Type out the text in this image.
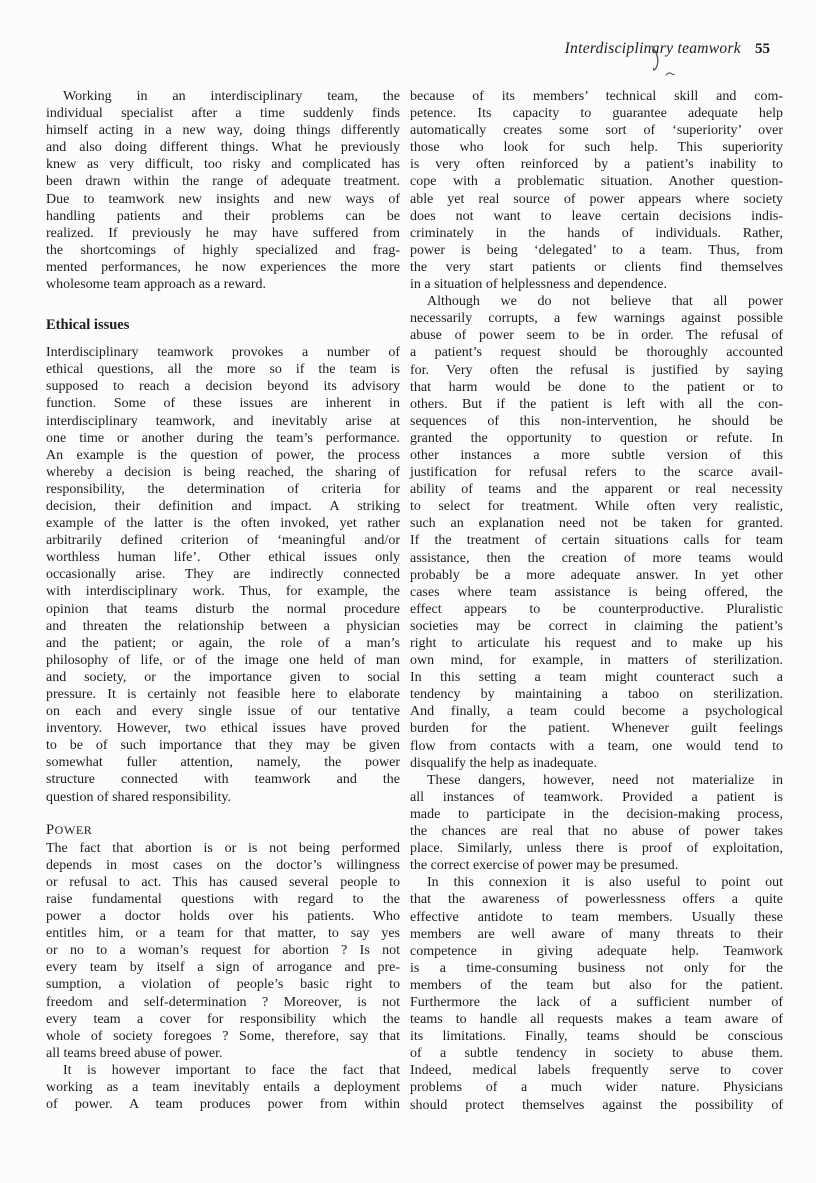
Interdisciplinary teamwork 55
Working in an interdisciplinary team, the
individual specialist after a time suddenly finds
himself acting in a new way, doing things differently
and also doing different things. What he previously
knew as very difficult, too risky and complicated has
been drawn within the range of adequate treatment.
Due to teamwork new insights and new ways of
handling patients and their problems can be
realized. If previously he may have suffered from
the shortcomings of highly specialized and frag-
mented performances, he now experiences the more
wholesome team approach as a reward.
Ethical issues
Interdisciplinary teamwork provokes a number of
ethical questions, all the more so if the team is
supposed to reach a decision beyond its advisory
function. Some of these issues are inherent in
interdisciplinary teamwork, and inevitably arise at
one time or another during the team’s performance.
An example is the question of power, the process
whereby a decision is being reached, the sharing of
responsibility, the determination of criteria for
decision, their definition and impact. A striking
example of the latter is the often invoked, yet rather
arbitrarily defined criterion of ‘meaningful and/or
worthless human life’. Other ethical issues only
occasionally arise. They are indirectly connected
with interdisciplinary work. Thus, for example, the
opinion that teams disturb the normal procedure
and threaten the relationship between a physician
and the patient; or again, the role of a man’s
philosophy of life, or of the image one held of man
and society, or the importance given to social
pressure. It is certainly not feasible here to elaborate
on each and every single issue of our tentative
inventory. However, two ethical issues have proved
to be of such importance that they may be given
somewhat fuller attention, namely, the power
structure connected with teamwork and the
question of shared responsibility.
POWER
The fact that abortion is or is not being performed
depends in most cases on the doctor’s willingness
or refusal to act. This has caused several people to
raise fundamental questions with regard to the
power a doctor holds over his patients. Who
entitles him, or a team for that matter, to say yes
or no to a woman’s request for abortion ? Is not
every team by itself a sign of arrogance and pre-
sumption, a violation of people’s basic right to
freedom and self-determination ? Moreover, is not
every team a cover for responsibility which the
whole of society foregoes ? Some, therefore, say that
all teams breed abuse of power.
It is however important to face the fact that
working as a team inevitably entails a deployment
of power. A team produces power from within
because of its members’ technical skill and com-
petence. Its capacity to guarantee adequate help
automatically creates some sort of ‘superiority’ over
those who look for such help. This superiority
is very often reinforced by a patient’s inability to
cope with a problematic situation. Another question-
able yet real source of power appears where society
does not want to leave certain decisions indis-
criminately in the hands of individuals. Rather,
power is being ‘delegated’ to a team. Thus, from
the very start patients or clients find themselves
in a situation of helplessness and dependence.
Although we do not believe that all power
necessarily corrupts, a few warnings against possible
abuse of power seem to be in order. The refusal of
a patient’s request should be thoroughly accounted
for. Very often the refusal is justified by saying
that harm would be done to the patient or to
others. But if the patient is left with all the con-
sequences of this non-intervention, he should be
granted the opportunity to question or refute. In
other instances a more subtle version of this
justification for refusal refers to the scarce avail-
ability of teams and the apparent or real necessity
to select for treatment. While often very realistic,
such an explanation need not be taken for granted.
If the treatment of certain situations calls for team
assistance, then the creation of more teams would
probably be a more adequate answer. In yet other
cases where team assistance is being offered, the
effect appears to be counterproductive. Pluralistic
societies may be correct in claiming the patient’s
right to articulate his request and to make up his
own mind, for example, in matters of sterilization.
In this setting a team might counteract such a
tendency by maintaining a taboo on sterilization.
And finally, a team could become a psychological
burden for the patient. Whenever guilt feelings
flow from contacts with a team, one would tend to
disqualify the help as inadequate.
These dangers, however, need not materialize in
all instances of teamwork. Provided a patient is
made to participate in the decision-making process,
the chances are real that no abuse of power takes
place. Similarly, unless there is proof of exploitation,
the correct exercise of power may be presumed.
In this connexion it is also useful to point out
that the awareness of powerlessness offers a quite
effective antidote to team members. Usually these
members are well aware of many threats to their
competence in giving adequate help. Teamwork
is a time-consuming business not only for the
members of the team but also for the patient.
Furthermore the lack of a sufficient number of
teams to handle all requests makes a team aware of
its limitations. Finally, teams should be conscious
of a subtle tendency in society to abuse them.
Indeed, medical labels frequently serve to cover
problems of a much wider nature. Physicians
should protect themselves against the possibility of
